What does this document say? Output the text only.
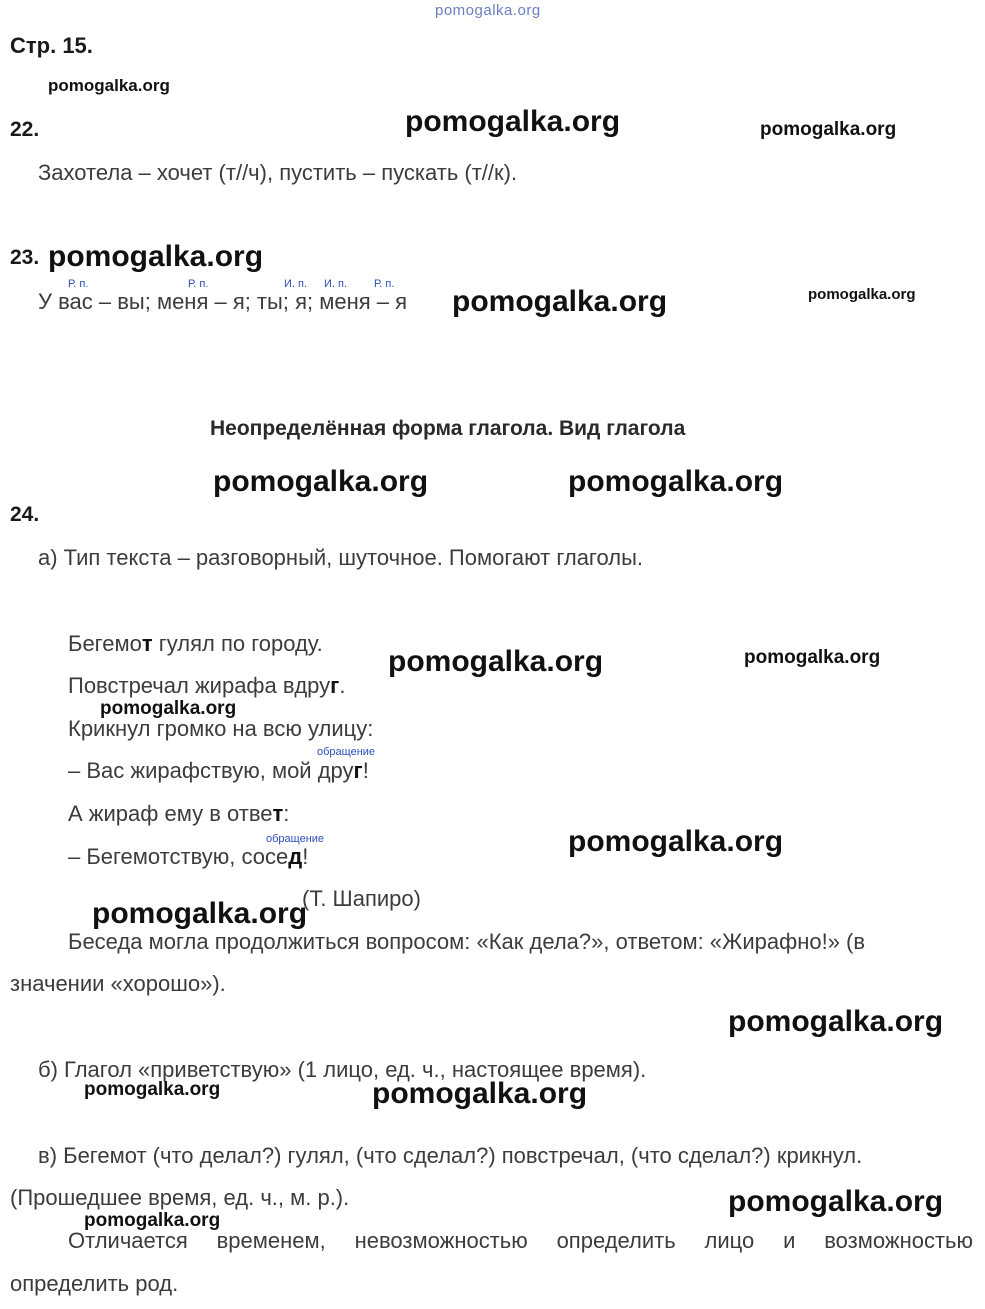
pomogalka.org
Стр. 15.
pomogalka.org
22.	pomogalka.org	pomogalka.org
Захотела – хочет (т//ч), пустить – пускать (т//к).
23. pomogalka.org
Р. п.	Р. п.	И. п. И. п. Р. п.
У вас – вы; меня – я; ты; я; меня – я pomogalka.org	pomogalka.org
Неопределённая форма глагола. Вид глагола
pomogalka.org	pomogalka.org
24.
а) Тип текста – разговорный, шуточное. Помогают глаголы.
Бегемот гулял по городу.
pomogalka.org	pomogalka.org
Повстречал жирафа вдруг.
pomogalka.org
Крикнул громко на всю улицу:
обращение
– Вас жирафствую, мой друг!
А жираф ему в ответ:
обращение	pomogalka.org
– Бегемотствую, сосед!
(Т. Шапиро)
pomogalka.org
Беседа могла продолжиться вопросом: «Как дела?», ответом: «Жирафно!» (в
значении «хорошо»).
pomogalka.org
б) Глагол «приветствую» (1 лицо, ед. ч., настоящее время).
pomogalka.org	pomogalka.org
в) Бегемот (что делал?) гулял, (что сделал?) повстречал, (что сделал?) крикнул.
(Прошедшее время, ед. ч., м. р.).	pomogalka.org
pomogalka.org
Отличается временем, невозможностью определить лицо и возможностью
определить род.
